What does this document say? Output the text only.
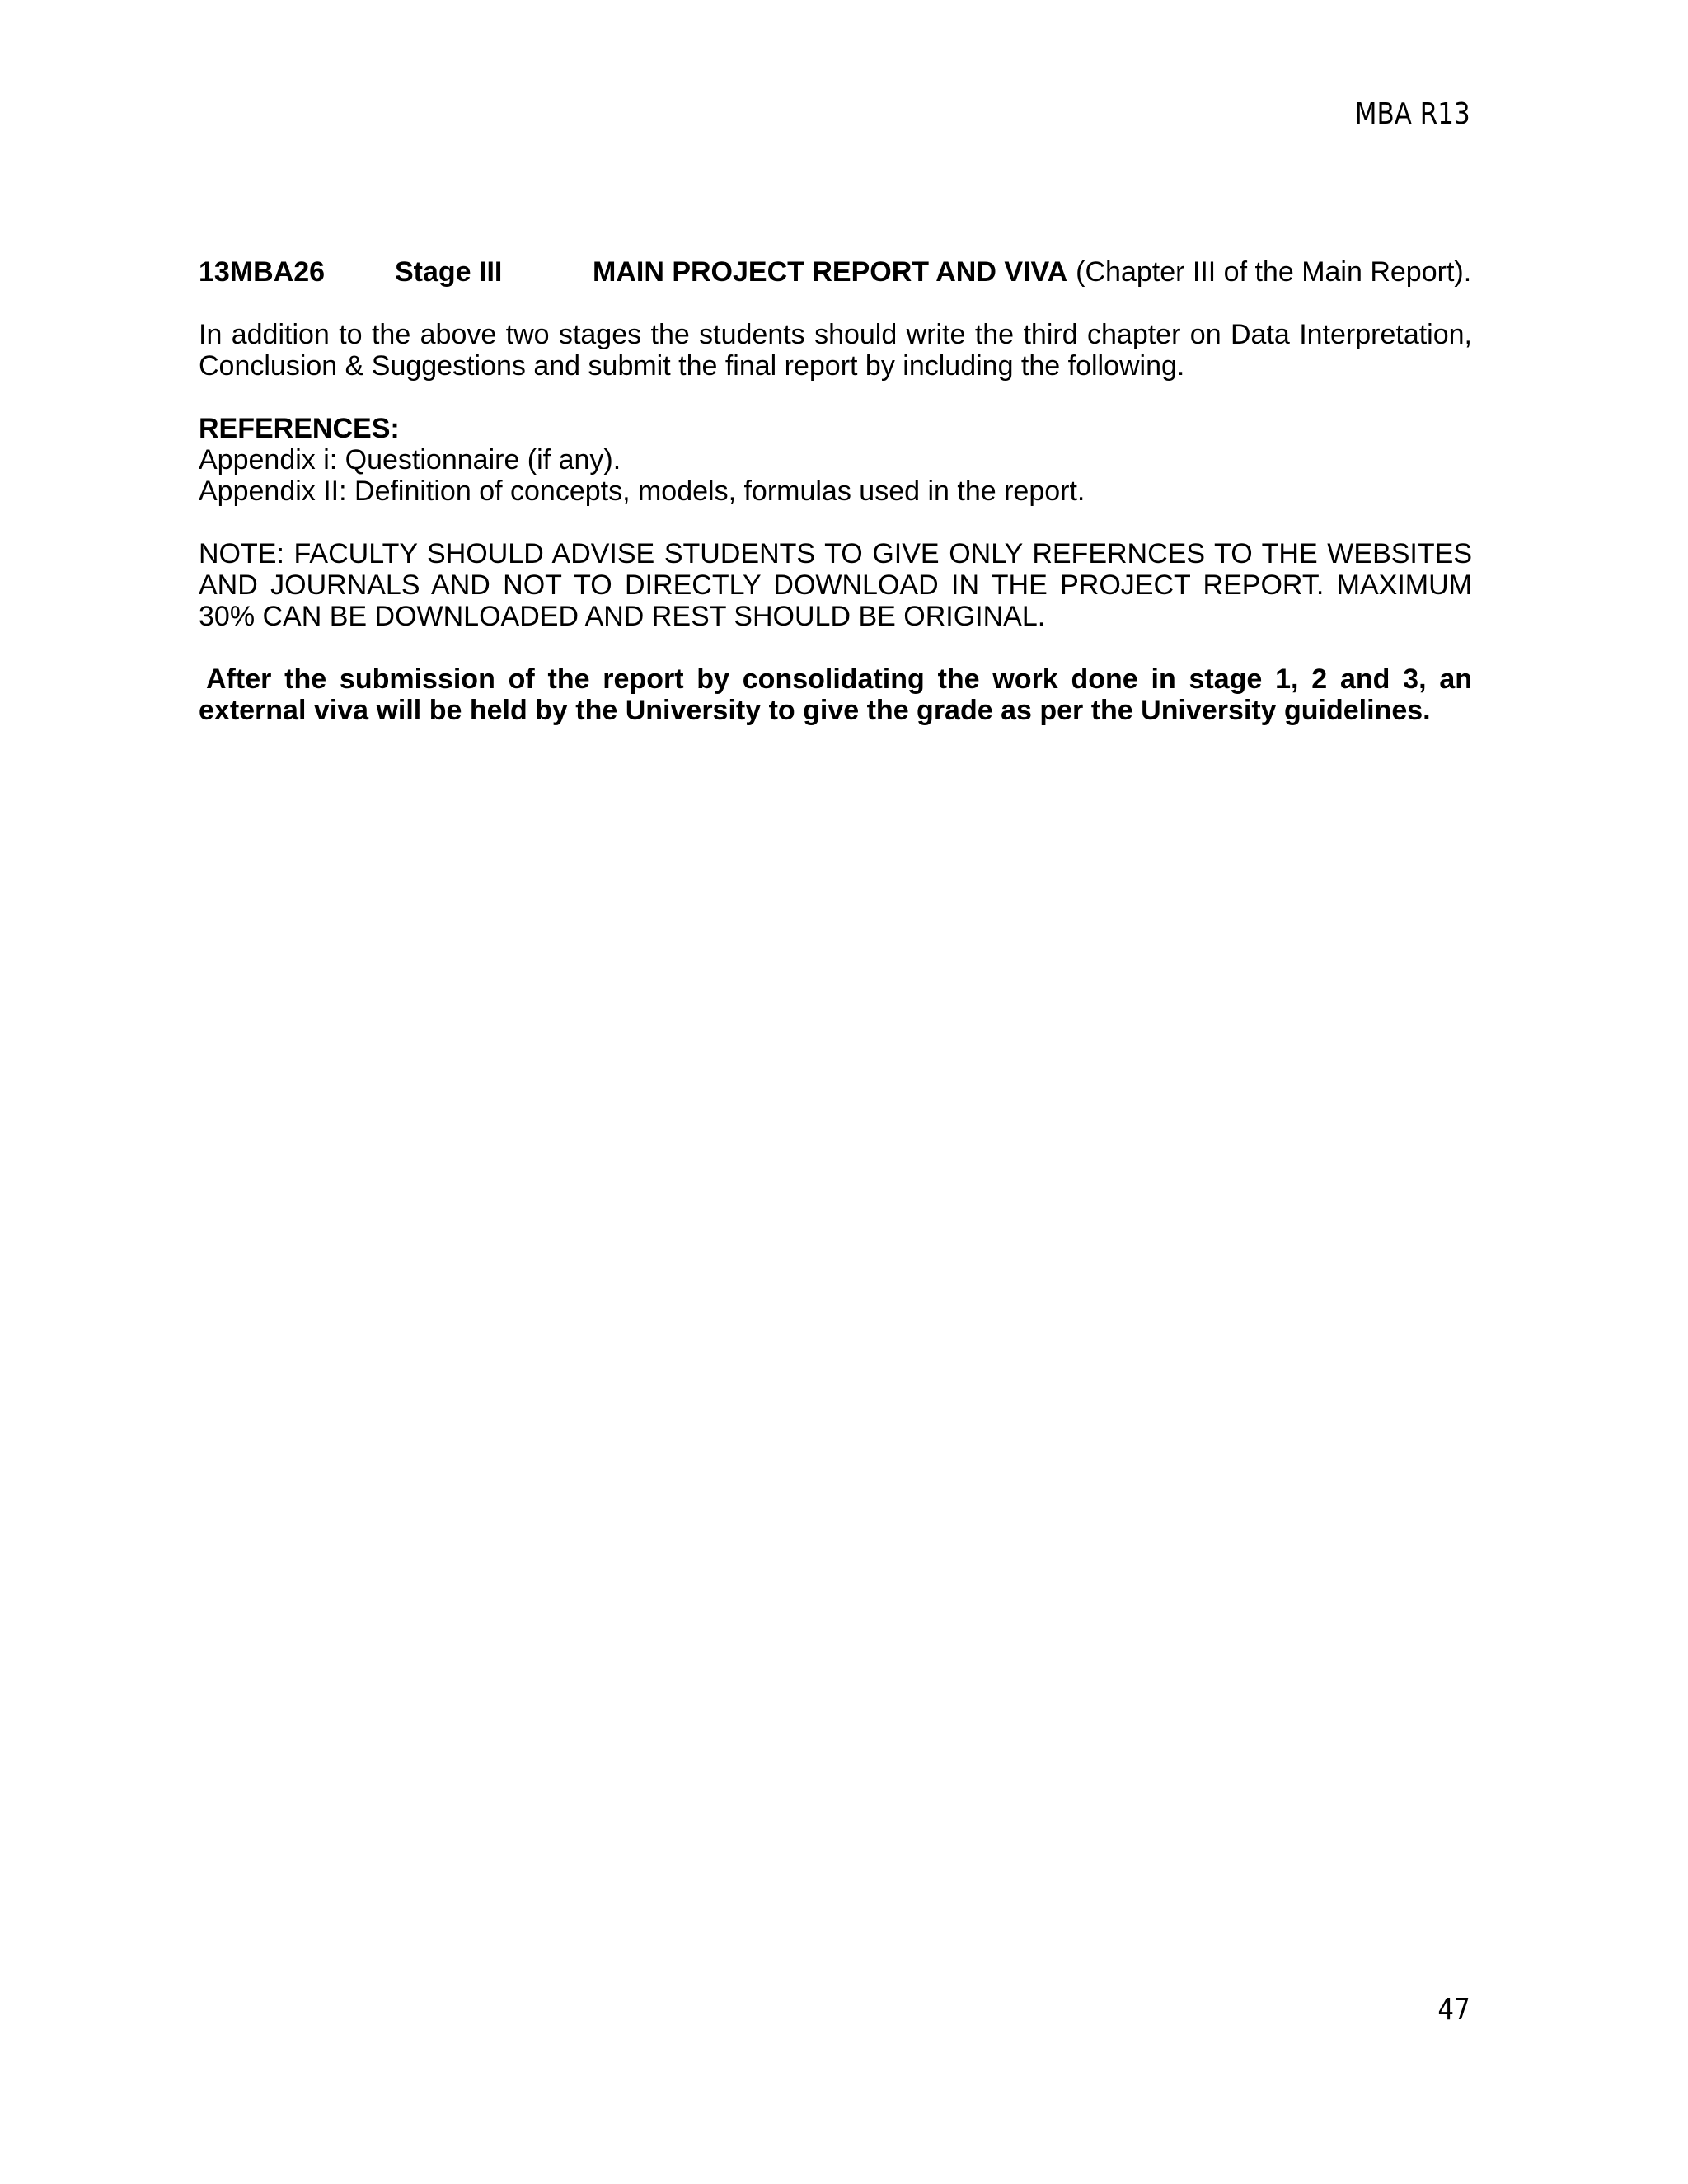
MBA R13
13MBA26	Stage III	MAIN PROJECT REPORT AND VIVA (Chapter III of the Main Report).
In addition to the above two stages the students should write the third chapter on Data Interpretation, Conclusion & Suggestions and submit the final report by including the following.
REFERENCES:
Appendix i: Questionnaire (if any).
Appendix II: Definition of concepts, models, formulas used in the report.
NOTE: FACULTY SHOULD ADVISE STUDENTS TO GIVE ONLY REFERNCES TO THE WEBSITES AND JOURNALS AND NOT TO DIRECTLY DOWNLOAD IN THE PROJECT REPORT. MAXIMUM 30% CAN BE DOWNLOADED AND REST SHOULD BE ORIGINAL.
After the submission of the report by consolidating the work done in stage 1, 2 and 3, an external viva will be held by the University to give the grade as per the University guidelines.
47
